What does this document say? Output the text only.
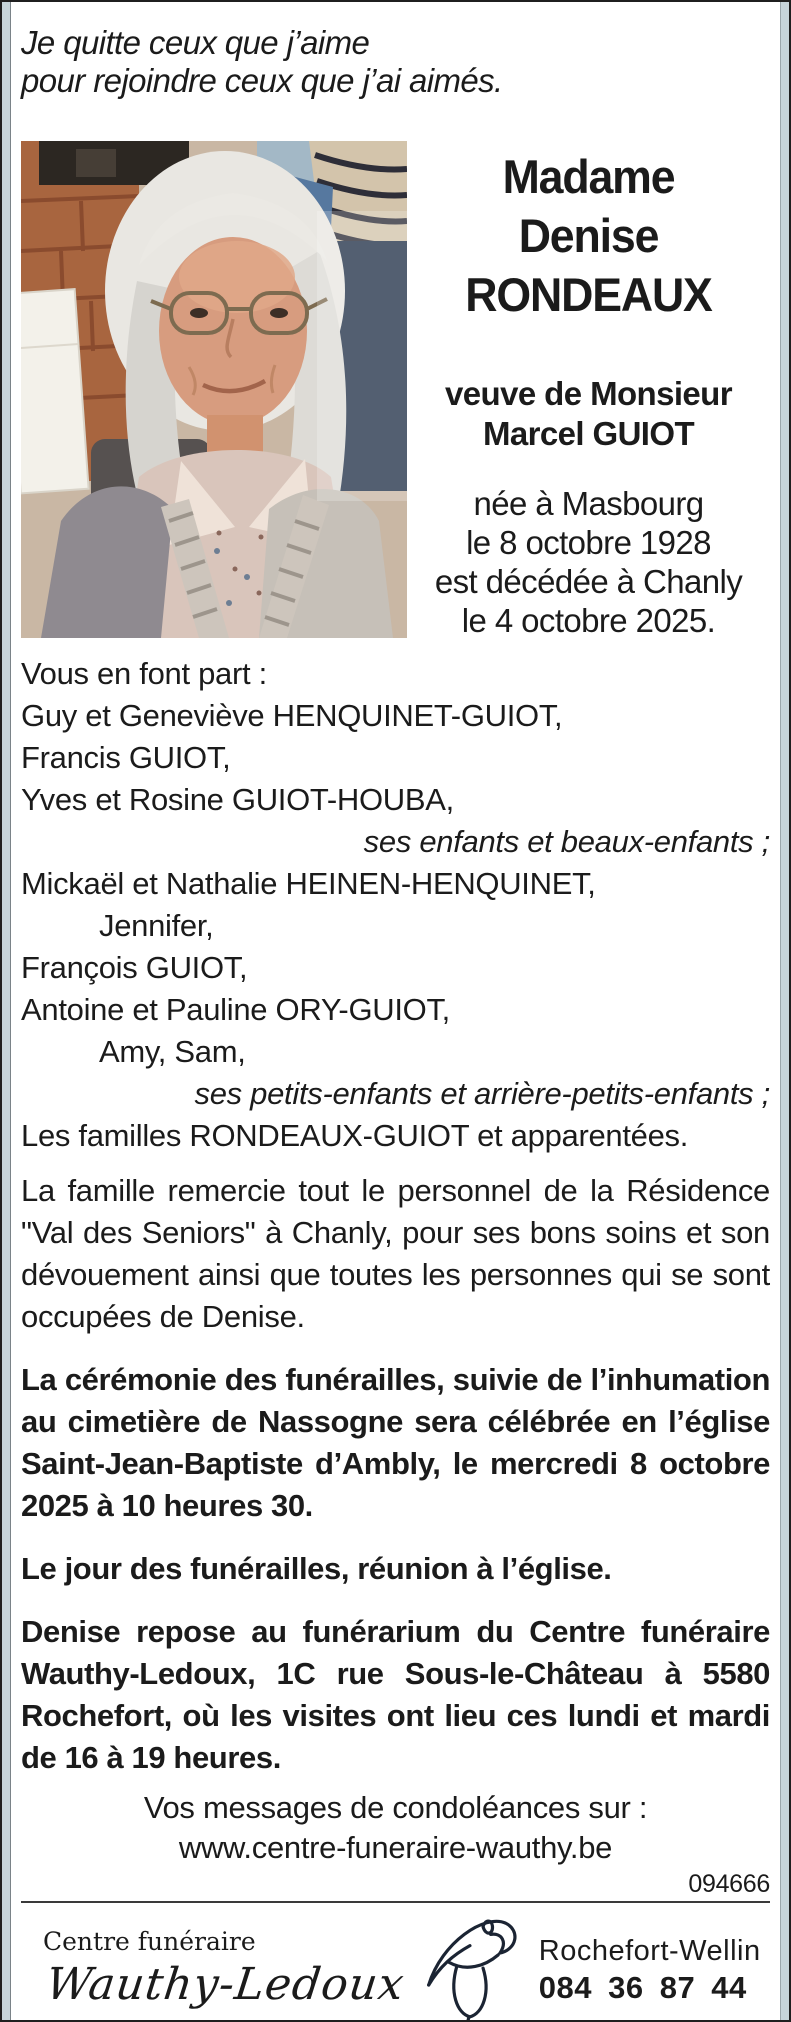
Je quitte ceux que j’aime
pour rejoindre ceux que j’ai aimés.
Madame
Denise
RONDEAUX
veuve de Monsieur
Marcel GUIOT
née à Masbourg
le 8 octobre 1928
est décédée à Chanly
le 4 octobre 2025.
Vous en font part :
Guy et Geneviève HENQUINET-GUIOT,
Francis GUIOT,
Yves et Rosine GUIOT-HOUBA,
ses enfants et beaux-enfants ;
Mickaël et Nathalie HEINEN-HENQUINET,
Jennifer,
François GUIOT,
Antoine et Pauline ORY-GUIOT,
Amy, Sam,
ses petits-enfants et arrière-petits-enfants ;
Les familles RONDEAUX-GUIOT et apparentées.
La famille remercie tout le personnel de la Résidence "Val des Seniors" à Chanly, pour ses bons soins et son dévouement ainsi que toutes les personnes qui se sont occupées de Denise.
La cérémonie des funérailles, suivie de l’inhumation au cimetière de Nassogne sera célébrée en l’église Saint-Jean-Baptiste d’Ambly, le mercredi 8 octobre 2025 à 10 heures 30.
Le jour des funérailles, réunion à l’église.
Denise repose au funérarium du Centre funéraire Wauthy-Ledoux, 1C rue Sous-le-Château à 5580 Rochefort, où les visites ont lieu ces lundi et mardi de 16 à 19 heures.
Vos messages de condoléances sur :
www.centre-funeraire-wauthy.be
094666
Centre funéraire
Wauthy-Ledoux
Rochefort-Wellin
084 36 87 44
